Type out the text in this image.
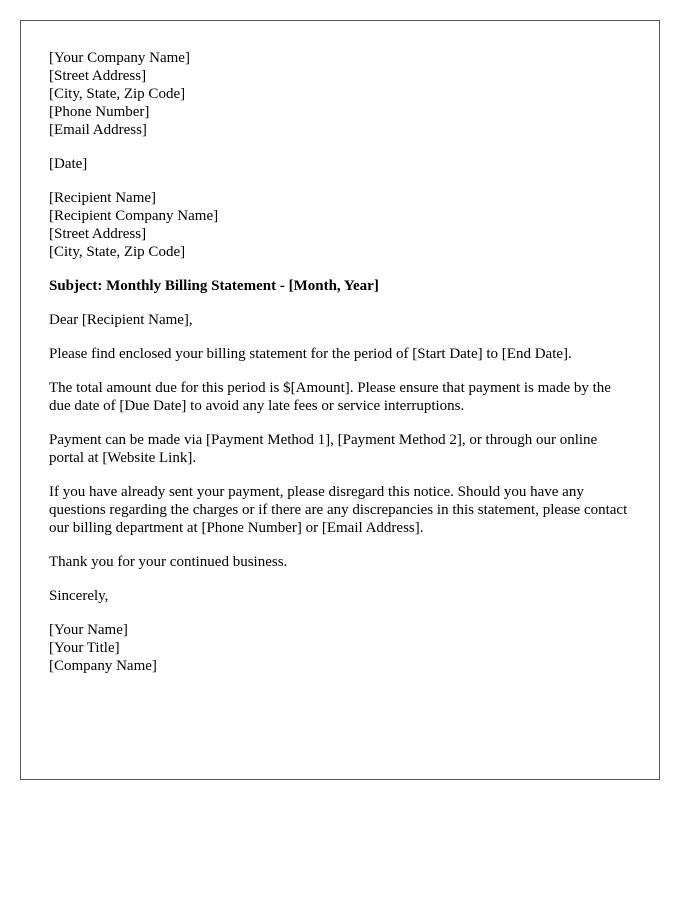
[Your Company Name]
[Street Address]
[City, State, Zip Code]
[Phone Number]
[Email Address]
[Date]
[Recipient Name]
[Recipient Company Name]
[Street Address]
[City, State, Zip Code]

Subject: Monthly Billing Statement - [Month, Year]

Dear [Recipient Name],

Please find enclosed your billing statement for the period of [Start Date] to [End Date].

The total amount due for this period is $[Amount]. Please ensure that payment is made by the due date of [Due Date] to avoid any late fees or service interruptions.

Payment can be made via [Payment Method 1], [Payment Method 2], or through our online portal at [Website Link].

If you have already sent your payment, please disregard this notice. Should you have any questions regarding the charges or if there are any discrepancies in this statement, please contact our billing department at [Phone Number] or [Email Address].

Thank you for your continued business.

Sincerely,

[Your Name]
[Your Title]
[Company Name]
